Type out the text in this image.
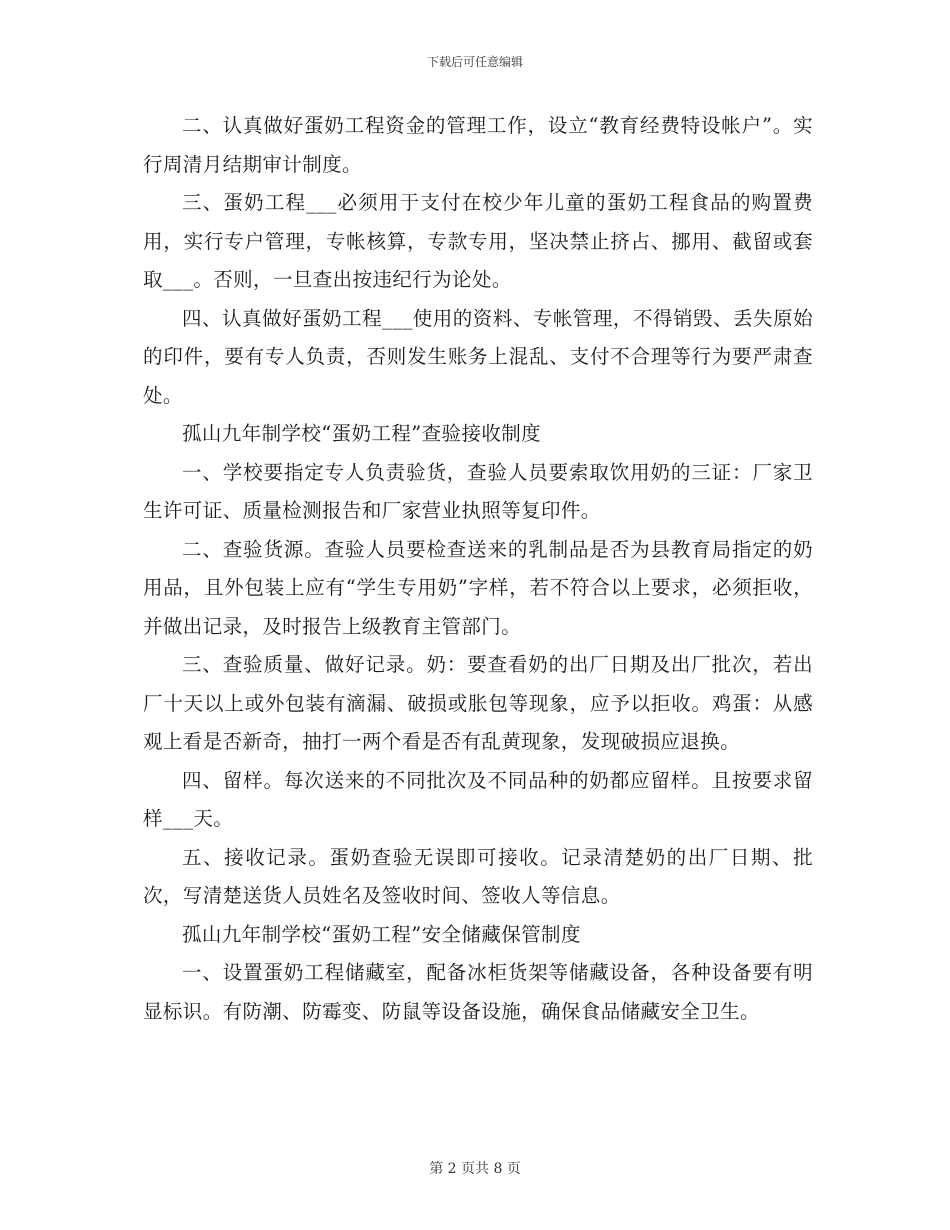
下载后可任意编辑

二、认真做好蛋奶工程资金的管理工作，设立“教育经费特设帐户”。实行周清月结期审计制度。

三、蛋奶工程___必须用于支付在校少年儿童的蛋奶工程食品的购置费用，实行专户管理，专帐核算，专款专用，坚决禁止挤占、挪用、截留或套取___。否则，一旦查出按违纪行为论处。

四、认真做好蛋奶工程___使用的资料、专帐管理，不得销毁、丢失原始的印件，要有专人负责，否则发生账务上混乱、支付不合理等行为要严肃查处。

孤山九年制学校“蛋奶工程”查验接收制度

一、学校要指定专人负责验货，查验人员要索取饮用奶的三证：厂家卫生许可证、质量检测报告和厂家营业执照等复印件。

二、查验货源。查验人员要检查送来的乳制品是否为县教育局指定的奶用品，且外包装上应有“学生专用奶”字样，若不符合以上要求，必须拒收，并做出记录，及时报告上级教育主管部门。

三、查验质量、做好记录。奶：要查看奶的出厂日期及出厂批次，若出厂十天以上或外包装有滴漏、破损或胀包等现象，应予以拒收。鸡蛋：从感观上看是否新奇，抽打一两个看是否有乱黄现象，发现破损应退换。

四、留样。每次送来的不同批次及不同品种的奶都应留样。且按要求留样___天。

五、接收记录。蛋奶查验无误即可接收。记录清楚奶的出厂日期、批次，写清楚送货人员姓名及签收时间、签收人等信息。

孤山九年制学校“蛋奶工程”安全储藏保管制度

一、设置蛋奶工程储藏室，配备冰柜货架等储藏设备，各种设备要有明显标识。有防潮、防霉变、防鼠等设备设施，确保食品储藏安全卫生。

第 2 页共 8 页
